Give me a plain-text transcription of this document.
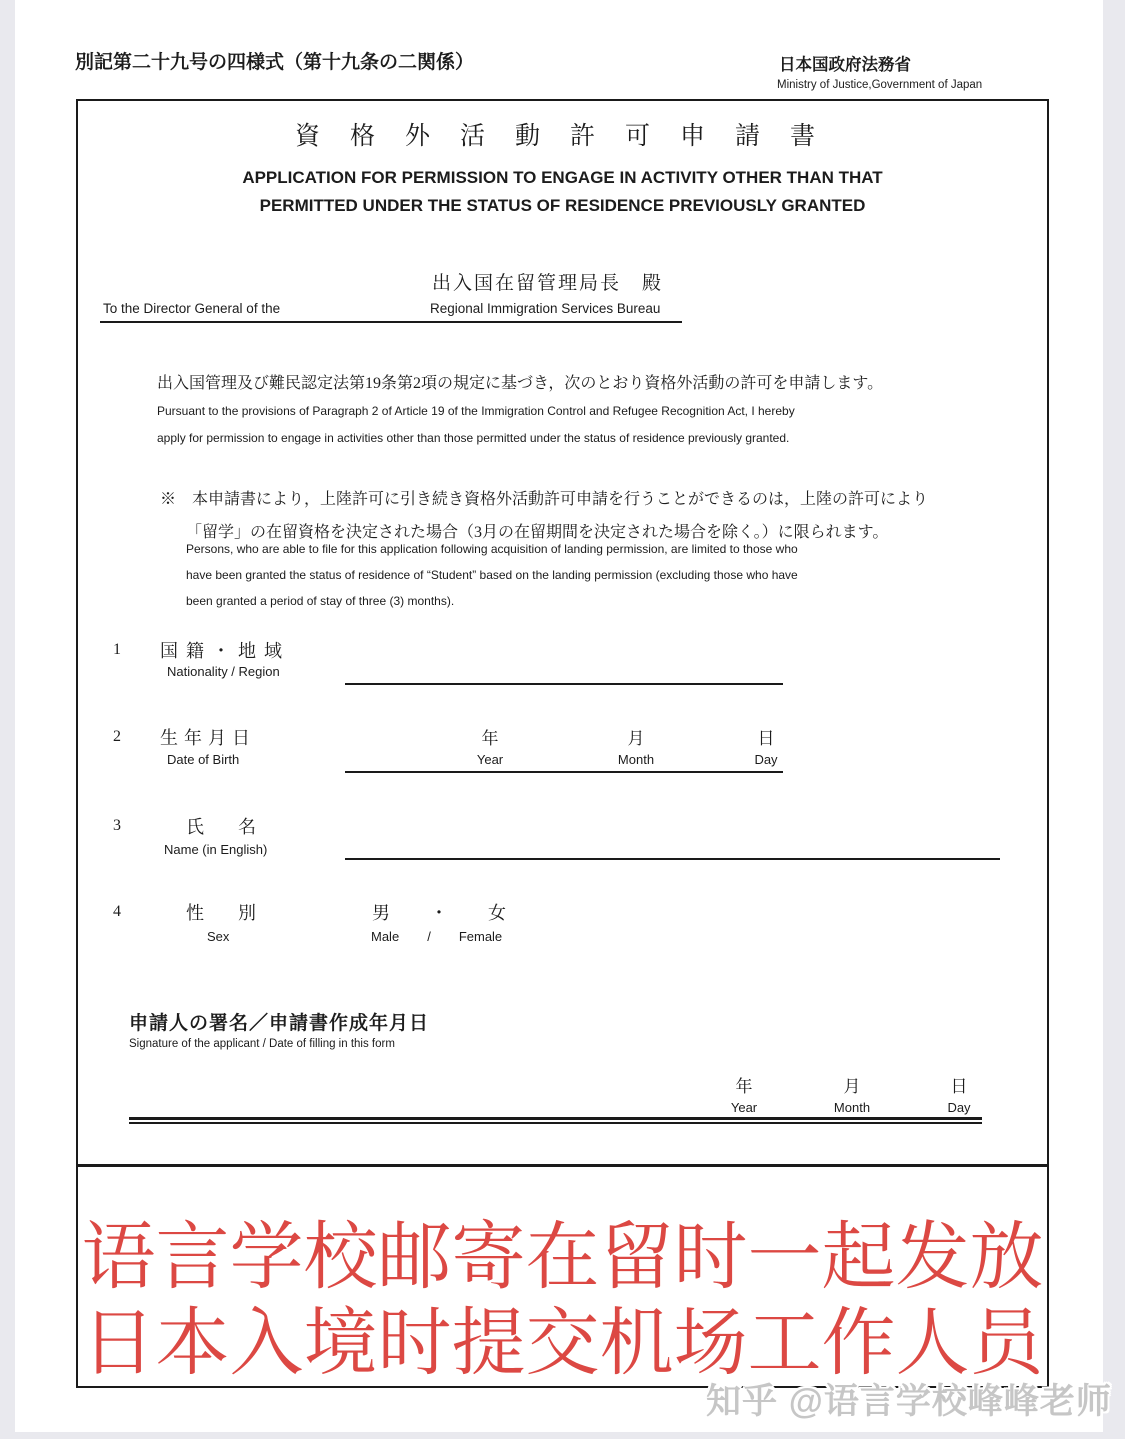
別記第二十九号の四様式（第十九条の二関係）	日本国政府法務省
Ministry of Justice,Government of Japan
資格外活動許可申請書
APPLICATION FOR PERMISSION TO ENGAGE IN ACTIVITY OTHER THAN THAT
PERMITTED UNDER THE STATUS OF RESIDENCE PREVIOUSLY GRANTED
出入国在留管理局長　殿
To the Director General of the	Regional Immigration Services Bureau
出入国管理及び難民認定法第19条第2項の規定に基づき，次のとおり資格外活動の許可を申請します。
Pursuant to the provisions of Paragraph 2 of Article 19 of the Immigration Control and Refugee Recognition Act, I hereby
apply for permission to engage in activities other than those permitted under the status of residence previously granted.
※　本申請書により，上陸許可に引き続き資格外活動許可申請を行うことができるのは，上陸の許可により
「留学」の在留資格を決定された場合（3月の在留期間を決定された場合を除く。）に限られます。
Persons, who are able to file for this application following acquisition of landing permission, are limited to those who
have been granted the status of residence of “Student” based on the landing permission (excluding those who have
been granted a period of stay of three (3) months).
1 国籍・地域
Nationality / Region
2 生年月日
Date of Birth
年
Year
月
Month
日
Day
3	氏名
Name (in English)
4	性別
Sex
男 ・ 女
Male / Female
申請人の署名／申請書作成年月日
Signature of the applicant / Date of filling in this form
年
Year
月
Month
日
Day
语言学校邮寄在留时一起发放
日本入境时提交机场工作人员
知乎 @语言学校峰峰老师
